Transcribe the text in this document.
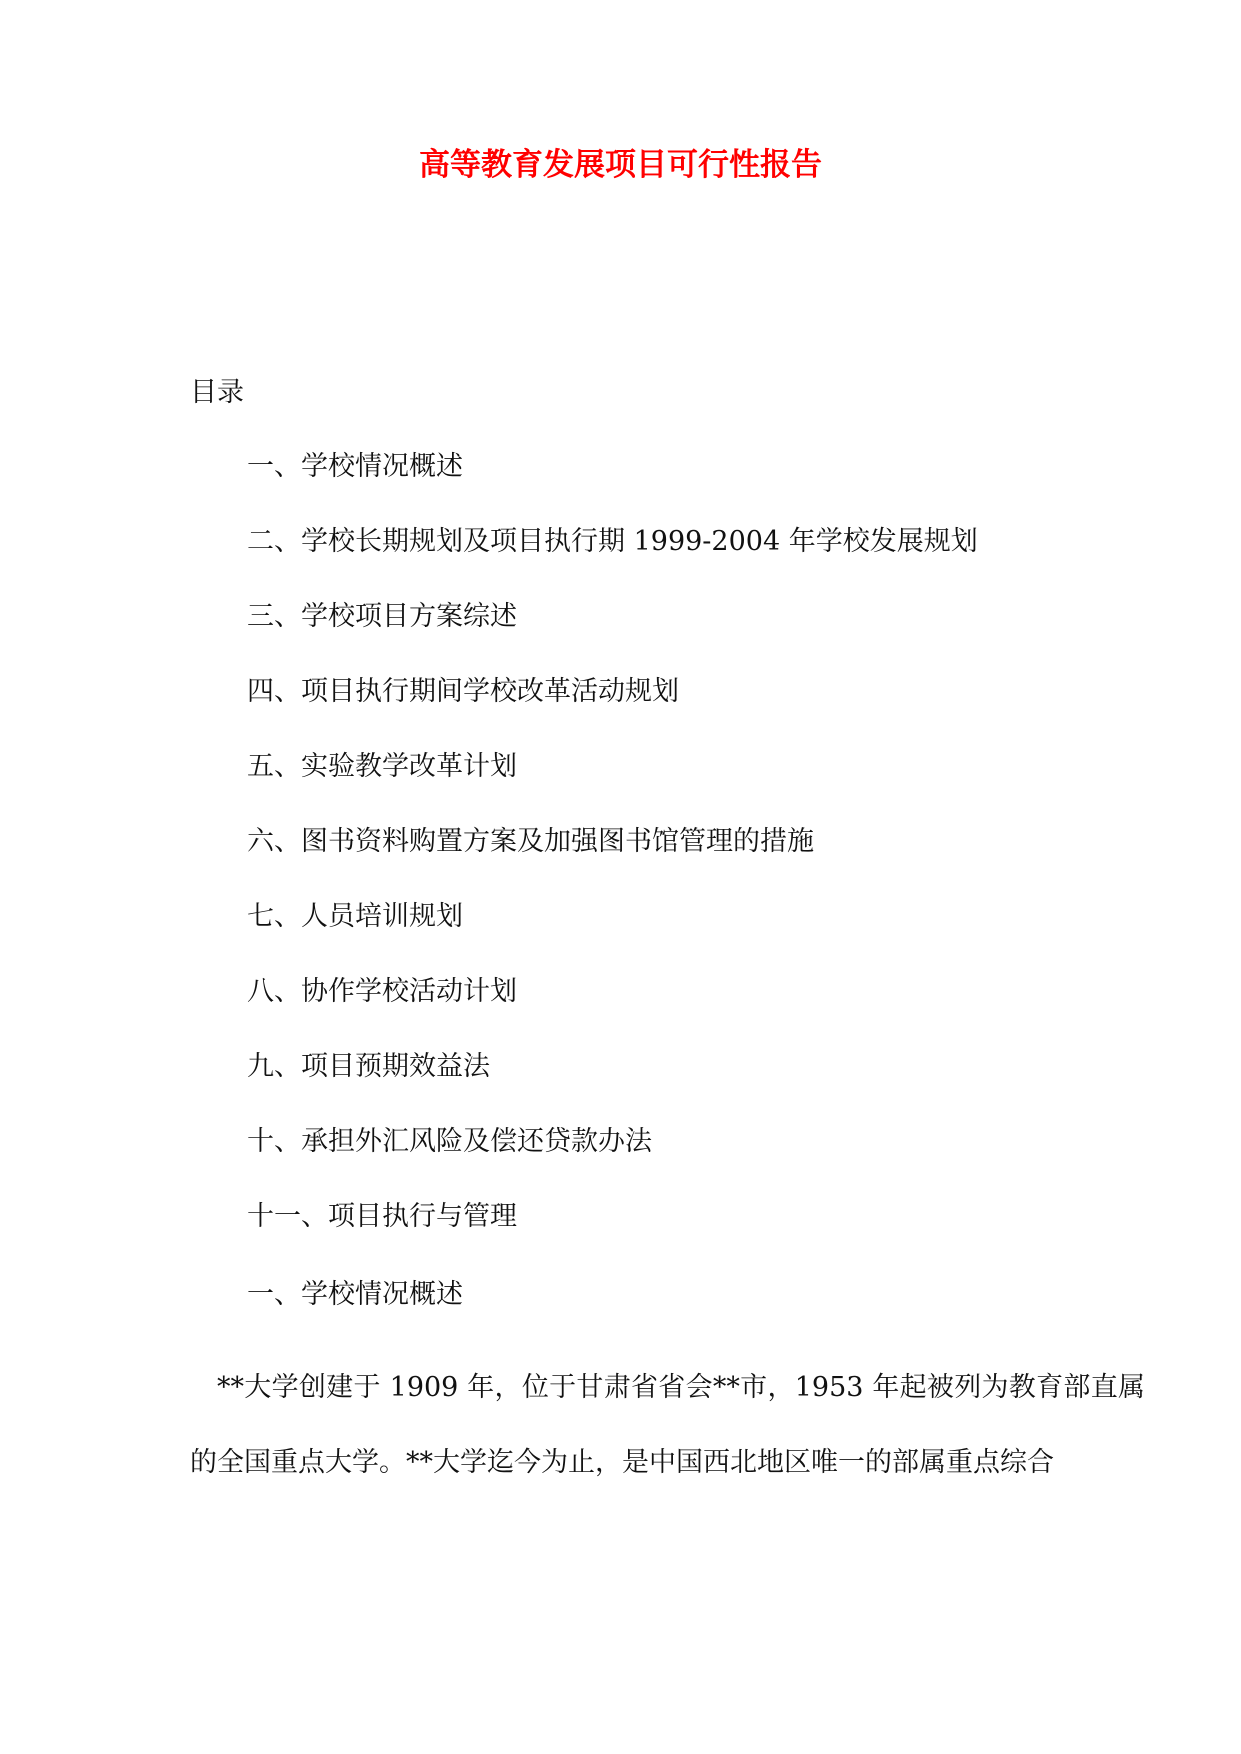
高等教育发展项目可行性报告
目录
一、学校情况概述
二、学校长期规划及项目执行期 1999-2004 年学校发展规划
三、学校项目方案综述
四、项目执行期间学校改革活动规划
五、实验教学改革计划
六、图书资料购置方案及加强图书馆管理的措施
七、人员培训规划
八、协作学校活动计划
九、项目预期效益法
十、承担外汇风险及偿还贷款办法
十一、项目执行与管理
一、学校情况概述

**大学创建于 1909 年，位于甘肃省省会**市，1953 年起被列为教育部直属的全国重点大学。**大学迄今为止，是中国西北地区唯一的部属重点综合
